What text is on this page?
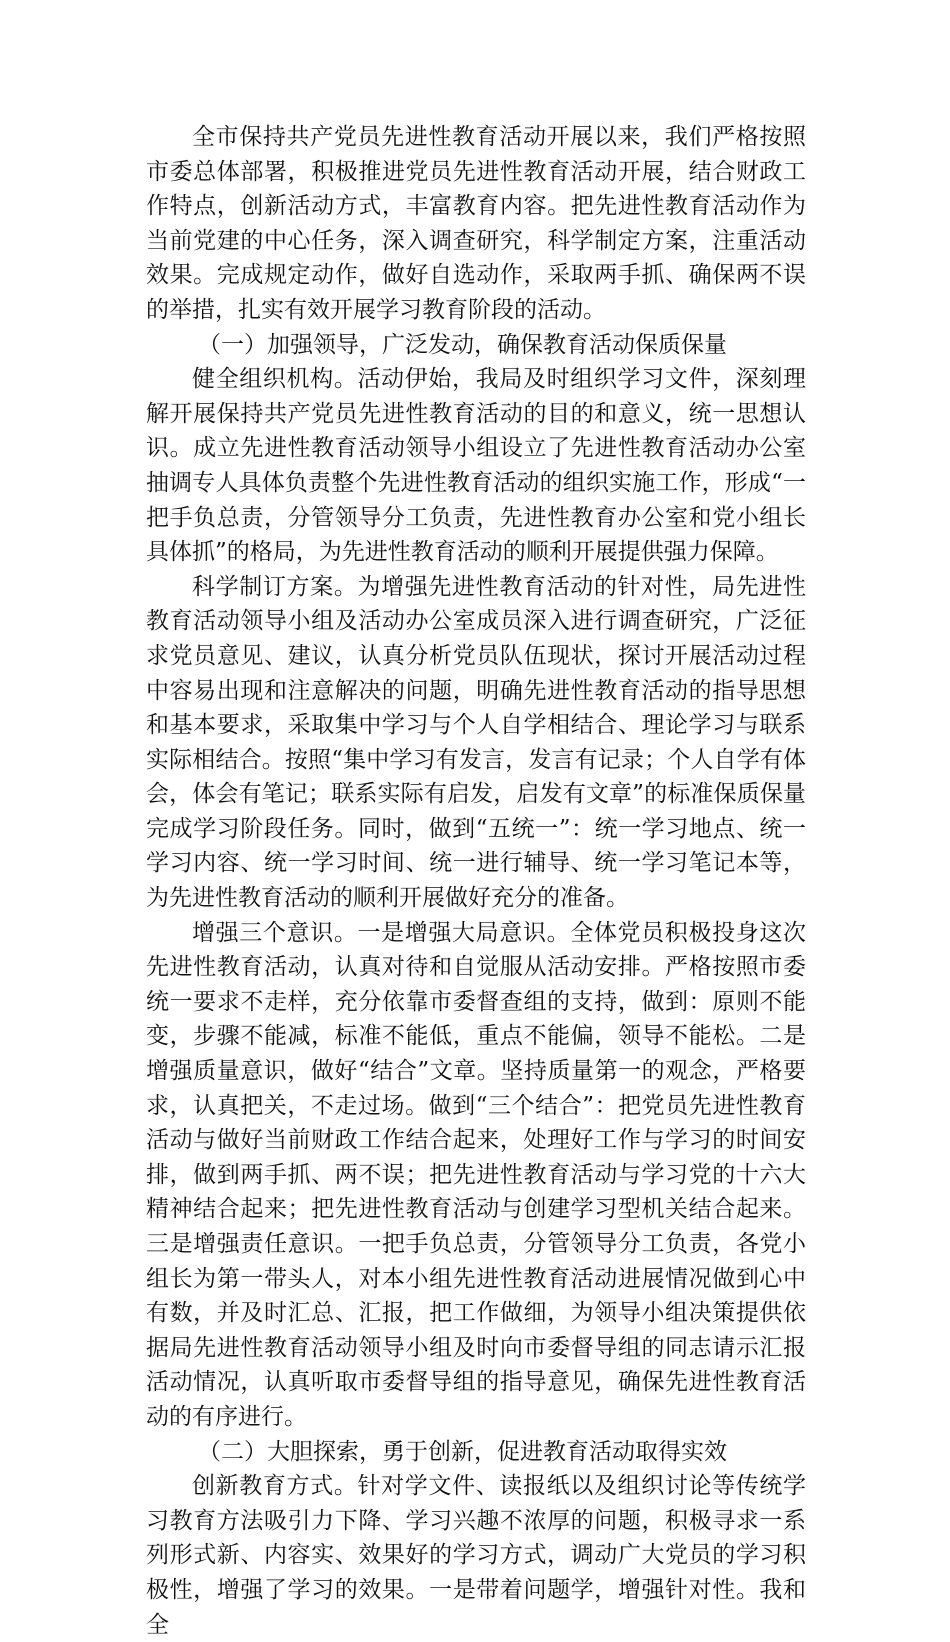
全市保持共产党员先进性教育活动开展以来，我们严格按照市委总体部署，积极推进党员先进性教育活动开展，结合财政工作特点，创新活动方式，丰富教育内容。把先进性教育活动作为当前党建的中心任务，深入调查研究，科学制定方案，注重活动效果。完成规定动作，做好自选动作，采取两手抓、确保两不误的举措，扎实有效开展学习教育阶段的活动。

（一）加强领导，广泛发动，确保教育活动保质保量

健全组织机构。活动伊始，我局及时组织学习文件，深刻理解开展保持共产党员先进性教育活动的目的和意义，统一思想认识。成立先进性教育活动领导小组设立了先进性教育活动办公室抽调专人具体负责整个先进性教育活动的组织实施工作，形成“一把手负总责，分管领导分工负责，先进性教育办公室和党小组长具体抓”的格局，为先进性教育活动的顺利开展提供强力保障。

科学制订方案。为增强先进性教育活动的针对性，局先进性教育活动领导小组及活动办公室成员深入进行调查研究，广泛征求党员意见、建议，认真分析党员队伍现状，探讨开展活动过程中容易出现和注意解决的问题，明确先进性教育活动的指导思想和基本要求，采取集中学习与个人自学相结合、理论学习与联系实际相结合。按照“集中学习有发言，发言有记录；个人自学有体会，体会有笔记；联系实际有启发，启发有文章”的标准保质保量完成学习阶段任务。同时，做到“五统一”：统一学习地点、统一学习内容、统一学习时间、统一进行辅导、统一学习笔记本等，为先进性教育活动的顺利开展做好充分的准备。

增强三个意识。一是增强大局意识。全体党员积极投身这次先进性教育活动，认真对待和自觉服从活动安排。严格按照市委统一要求不走样，充分依靠市委督查组的支持，做到：原则不能变，步骤不能减，标准不能低，重点不能偏，领导不能松。二是增强质量意识，做好“结合”文章。坚持质量第一的观念，严格要求，认真把关，不走过场。做到“三个结合”：把党员先进性教育活动与做好当前财政工作结合起来，处理好工作与学习的时间安排，做到两手抓、两不误；把先进性教育活动与学习党的十六大精神结合起来；把先进性教育活动与创建学习型机关结合起来。三是增强责任意识。一把手负总责，分管领导分工负责，各党小组长为第一带头人，对本小组先进性教育活动进展情况做到心中有数，并及时汇总、汇报，把工作做细，为领导小组决策提供依据局先进性教育活动领导小组及时向市委督导组的同志请示汇报活动情况，认真听取市委督导组的指导意见，确保先进性教育活动的有序进行。

（二）大胆探索，勇于创新，促进教育活动取得实效

创新教育方式。针对学文件、读报纸以及组织讨论等传统学习教育方法吸引力下降、学习兴趣不浓厚的问题，积极寻求一系列形式新、内容实、效果好的学习方式，调动广大党员的学习积极性，增强了学习的效果。一是带着问题学，增强针对性。我和全
